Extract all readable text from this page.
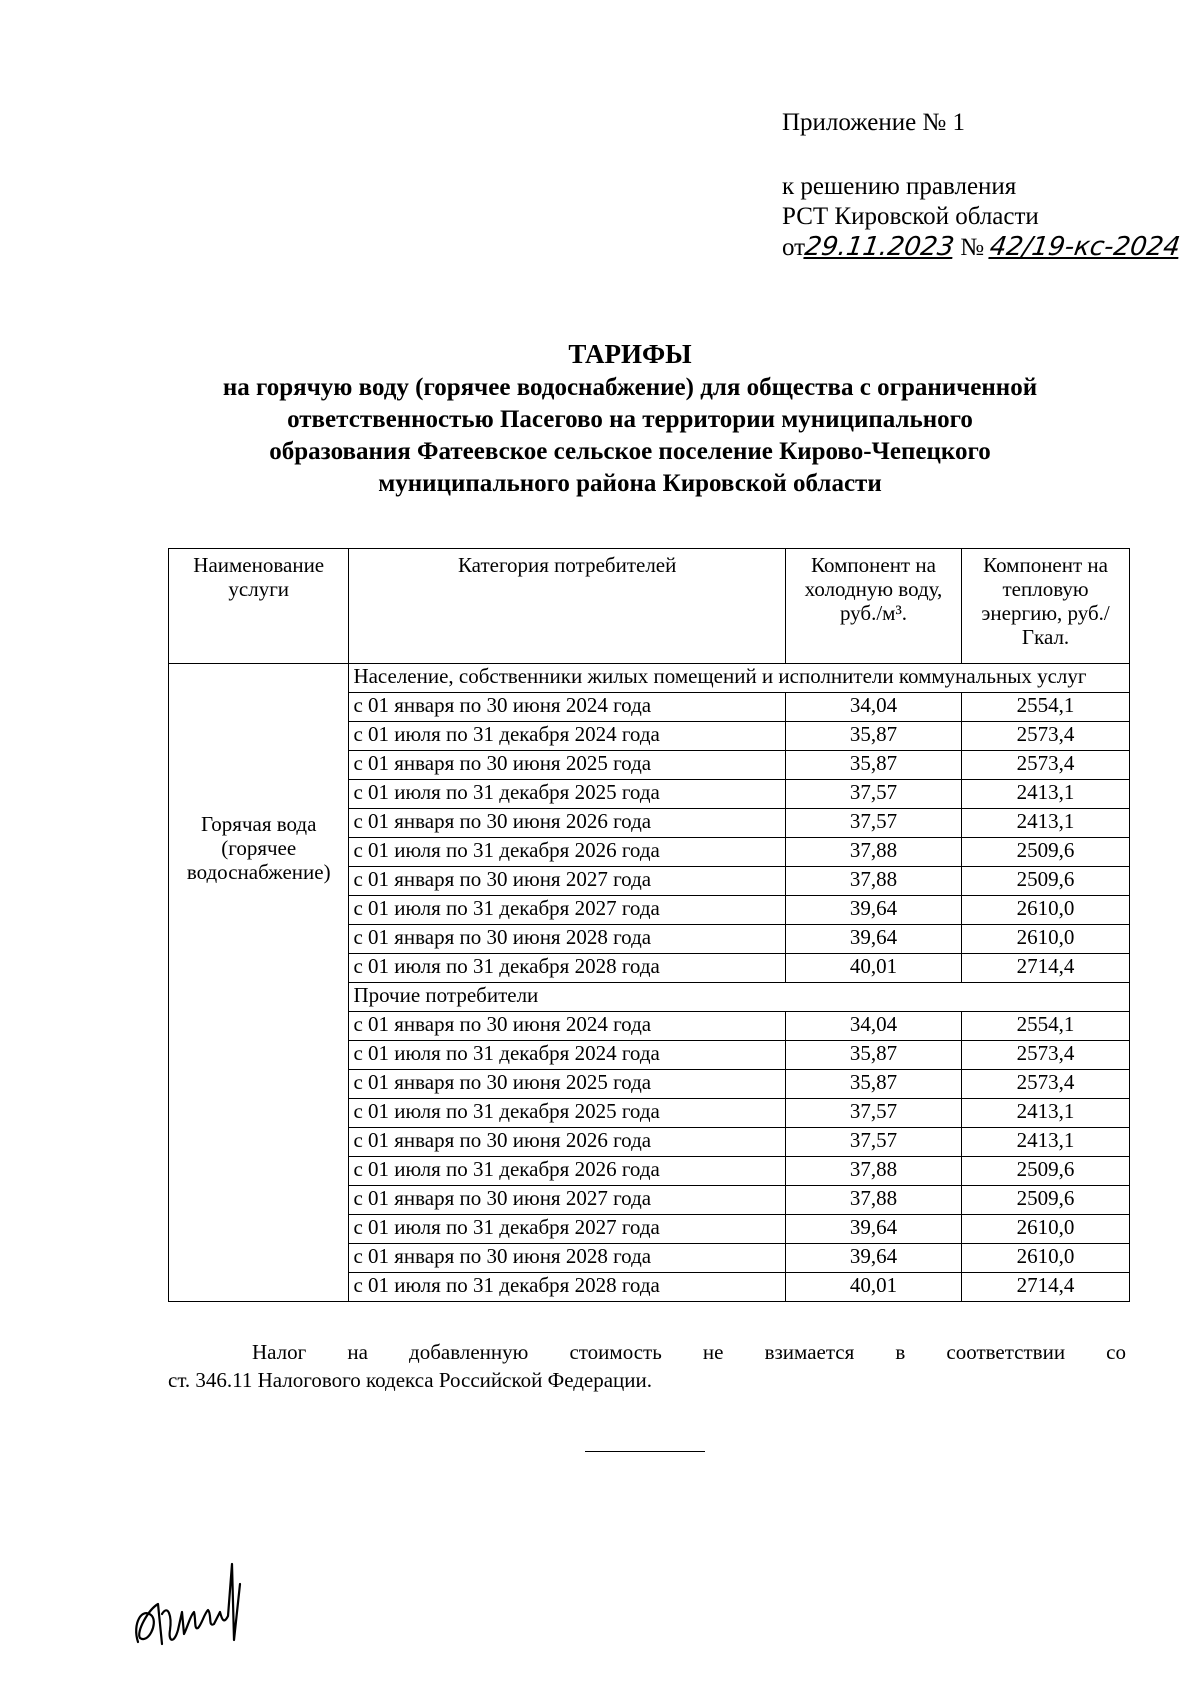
Приложение № 1
к решению правления
РСТ Кировской области
от29.11.2023 № 42/19-кс-2024
ТАРИФЫ
на горячую воду (горячее водоснабжение) для общества с ограниченной
ответственностью Пасегово на территории муниципального
образования Фатеевское сельское поселение Кирово-Чепецкого
муниципального района Кировской области
Наименование услуги	Категория потребителей	Компонент на холодную воду, руб./м³.	Компонент на тепловую энергию, руб./Гкал.

Горячая вода (горячее водоснабжение)	Население, собственники жилых помещений и исполнители коммунальных услуг		
	с 01 января по 30 июня 2024 года	34,04	2554,1
	с 01 июля по 31 декабря 2024 года	35,87	2573,4
	с 01 января по 30 июня 2025 года	35,87	2573,4
	с 01 июля по 31 декабря 2025 года	37,57	2413,1
	с 01 января по 30 июня 2026 года	37,57	2413,1
	с 01 июля по 31 декабря 2026 года	37,88	2509,6
	с 01 января по 30 июня 2027 года	37,88	2509,6
	с 01 июля по 31 декабря 2027 года	39,64	2610,0
	с 01 января по 30 июня 2028 года	39,64	2610,0
	с 01 июля по 31 декабря 2028 года	40,01	2714,4
	Прочие потребители		
	с 01 января по 30 июня 2024 года	34,04	2554,1
	с 01 июля по 31 декабря 2024 года	35,87	2573,4
	с 01 января по 30 июня 2025 года	35,87	2573,4
	с 01 июля по 31 декабря 2025 года	37,57	2413,1
	с 01 января по 30 июня 2026 года	37,57	2413,1
	с 01 июля по 31 декабря 2026 года	37,88	2509,6
	с 01 января по 30 июня 2027 года	37,88	2509,6
	с 01 июля по 31 декабря 2027 года	39,64	2610,0
	с 01 января по 30 июня 2028 года	39,64	2610,0
	с 01 июля по 31 декабря 2028 года	40,01	2714,4
Налог на добавленную стоимость не взимается в соответствии со
ст. 346.11 Налогового кодекса Российской Федерации.
